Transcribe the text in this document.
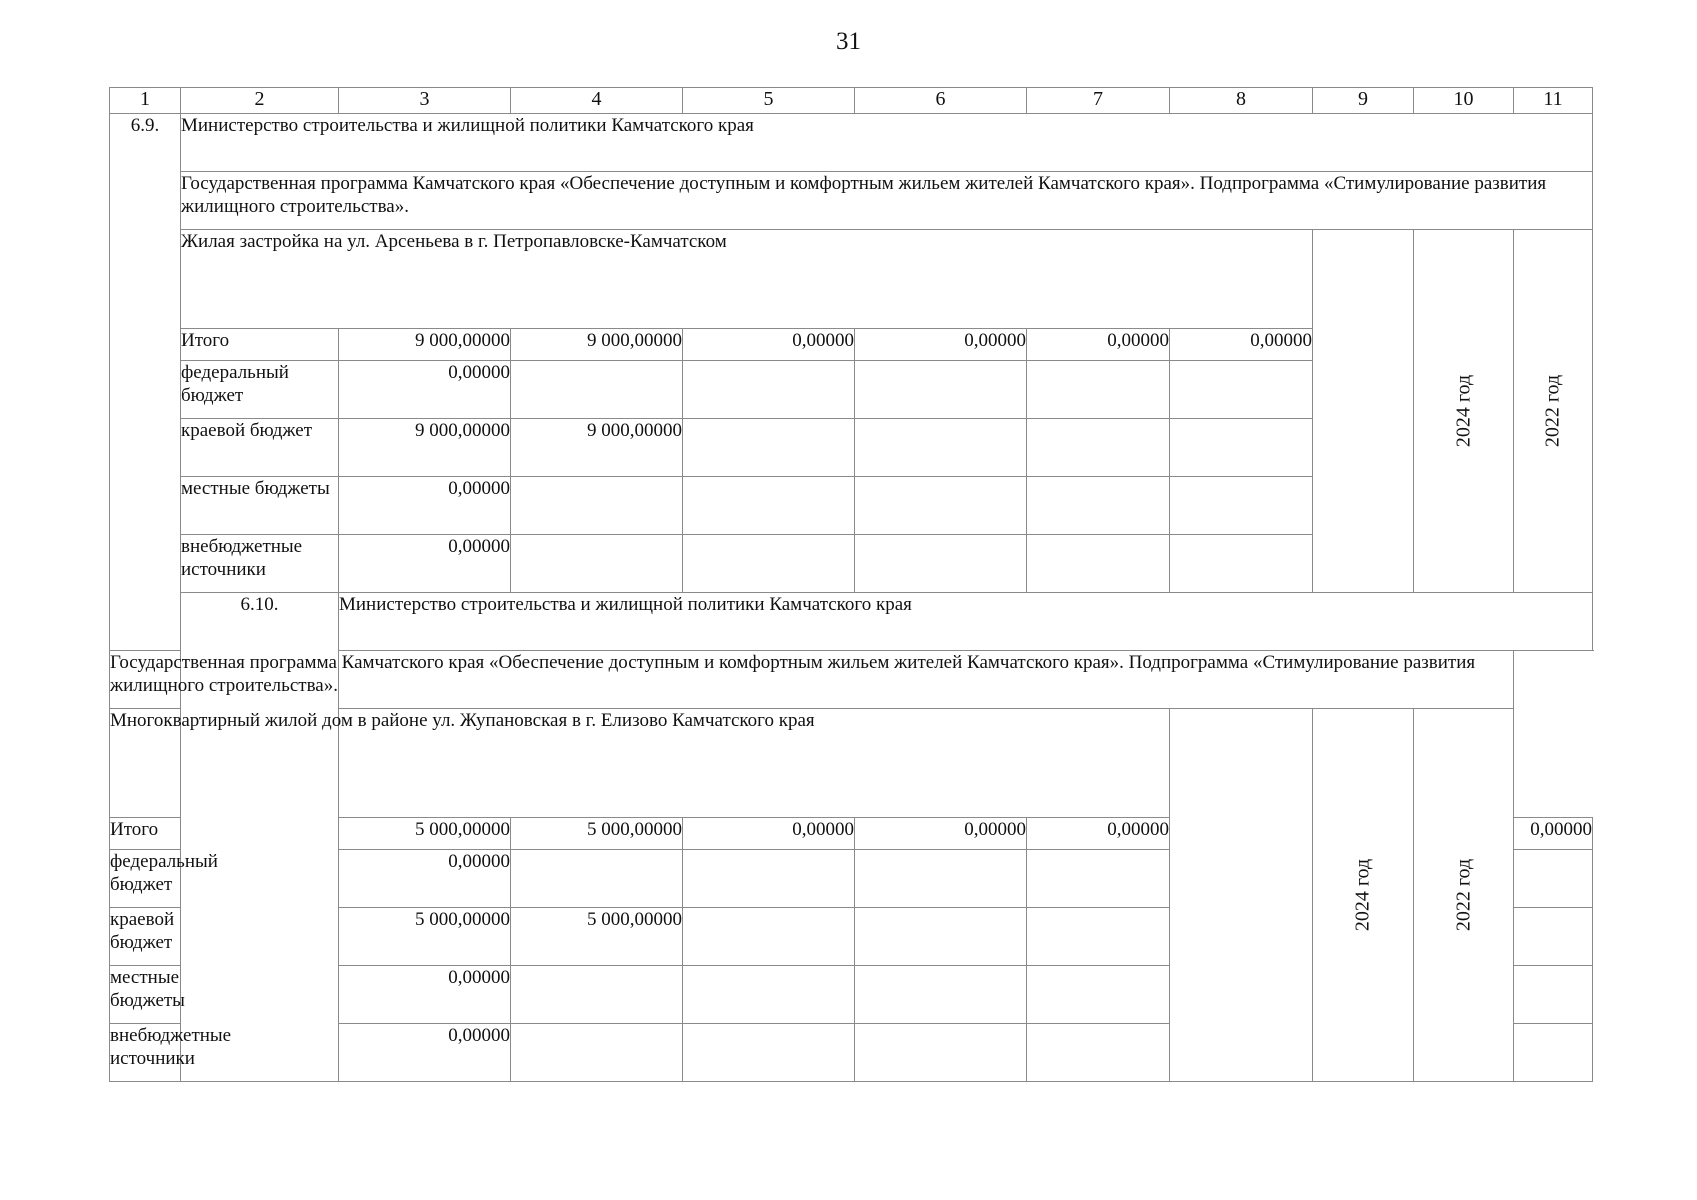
31
1	2	3	4	5	6	7	8	9	10	11
6.9.	Министерство строительства и жилищной политики Камчатского края									
	Государственная программа Камчатского края «Обеспечение доступным и комфортным жильем жителей Камчатского края». Подпрограмма «Стимулирование развития жилищного строительства».									
	Жилая застройка на ул. Арсеньева в г. Петропавловске-Камчатском								2024 год	2022 год

	Итого	9 000,00000	9 000,00000	0,00000	0,00000	0,00000	0,00000			
	федеральный бюджет	0,00000								
	краевой бюджет	9 000,00000	9 000,00000							
	местные бюджеты	0,00000								
	внебюджетные источники	0,00000								
	6.10.	Министерство строительства и жилищной политики Камчатского края								
Государственная программа Камчатского края «Обеспечение доступным и комфортным жильем жителей Камчатского края». Подпрограмма «Стимулирование развития жилищного строительства».										
Многоквартирный жилой дом в районе ул. Жупановская в г. Елизово Камчатского края								2024 год	2022 год	

Итого		5 000,00000	5 000,00000	0,00000	0,00000	0,00000				0,00000
федеральный бюджет		0,00000								
краевой бюджет		5 000,00000	5 000,00000							
местные бюджеты		0,00000								
внебюджетные источники		0,00000								
